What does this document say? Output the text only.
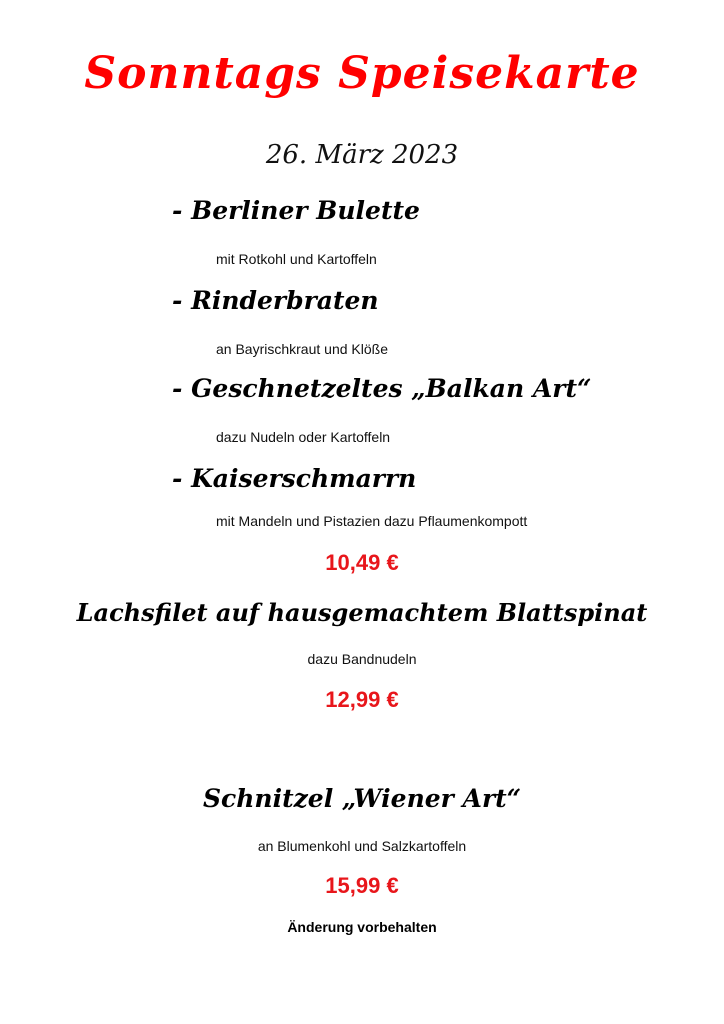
Sonntags Speisekarte
26. März 2023
- Berliner Bulette
mit Rotkohl und Kartoffeln
- Rinderbraten
an Bayrischkraut und Klöße
- Geschnetzeltes „Balkan Art“
dazu Nudeln oder Kartoffeln
- Kaiserschmarrn
mit Mandeln und Pistazien dazu Pflaumenkompott
10,49 €
Lachsfilet auf hausgemachtem Blattspinat
dazu Bandnudeln
12,99 €
Schnitzel „Wiener Art“
an Blumenkohl und Salzkartoffeln
15,99 €
Änderung vorbehalten
